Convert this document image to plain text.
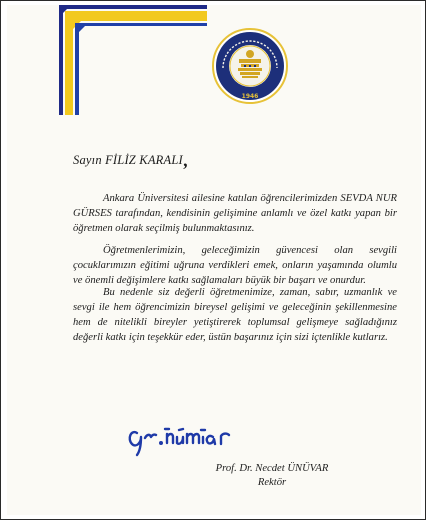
1946
Sayın FİLİZ KARALI,

Ankara Üniversitesi ailesine katılan öğrencilerimizden SEVDA NUR GÜRSES tarafından, kendisinin gelişimine anlamlı ve özel katkı yapan bir öğretmen olarak seçilmiş bulunmaktasınız.

Öğretmenlerimizin, geleceğimizin güvencesi olan sevgili çocuklarımızın eğitimi uğruna verdikleri emek, onların yaşamında olumlu ve önemli değişimlere katkı sağlamaları büyük bir başarı ve onurdur.

Bu nedenle siz değerli öğretmenimize, zaman, sabır, uzmanlık ve sevgi ile hem öğrencimizin bireysel gelişimi ve geleceğinin şekillenmesine hem de nitelikli bireyler yetiştirerek toplumsal gelişmeye sağladığınız değerli katkı için teşekkür eder, üstün başarınız için sizi içtenlikle kutlarız.

Prof. Dr. Necdet ÜNÜVAR
Rektör
